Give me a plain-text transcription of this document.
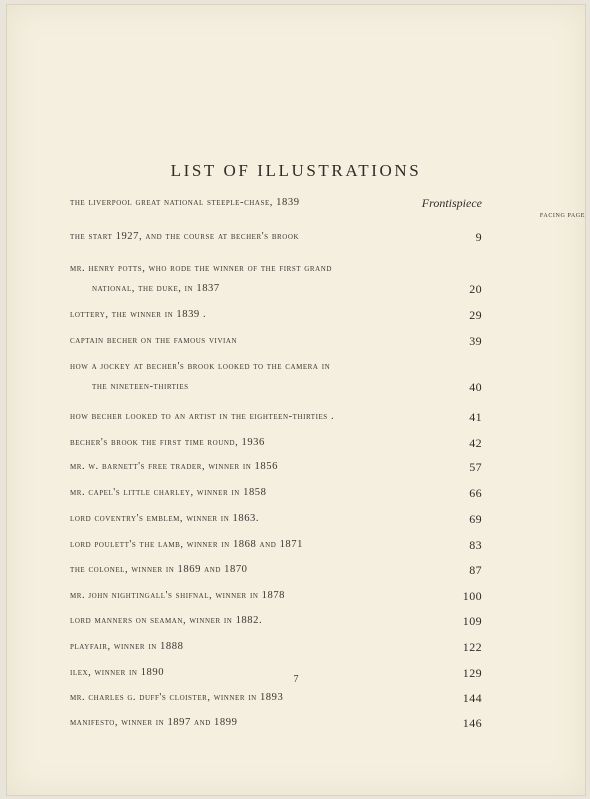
LIST OF ILLUSTRATIONS
FACING PAGE
the liverpool great national steeple-chase, 1839	Frontispiece
the start 1927, and the course at becher's brook	9
mr. henry potts, who rode the winner of the first grand
national, the duke, in 1837	20
lottery, the winner in 1839 .	29
captain becher on the famous vivian	39
how a jockey at becher's brook looked to the camera in
the nineteen-thirties	40
how becher looked to an artist in the eighteen-thirties .	41
becher's brook the first time round, 1936	42
mr. w. barnett's free trader, winner in 1856	57
mr. capel's little charley, winner in 1858	66
lord coventry's emblem, winner in 1863.	69
lord poulett's the lamb, winner in 1868 and 1871	83
the colonel, winner in 1869 and 1870	87
mr. john nightingall's shifnal, winner in 1878	100
lord manners on seaman, winner in 1882.	109
playfair, winner in 1888	122
ilex, winner in 1890	129
mr. charles g. duff's cloister, winner in 1893	144
manifesto, winner in 1897 and 1899	146
7
